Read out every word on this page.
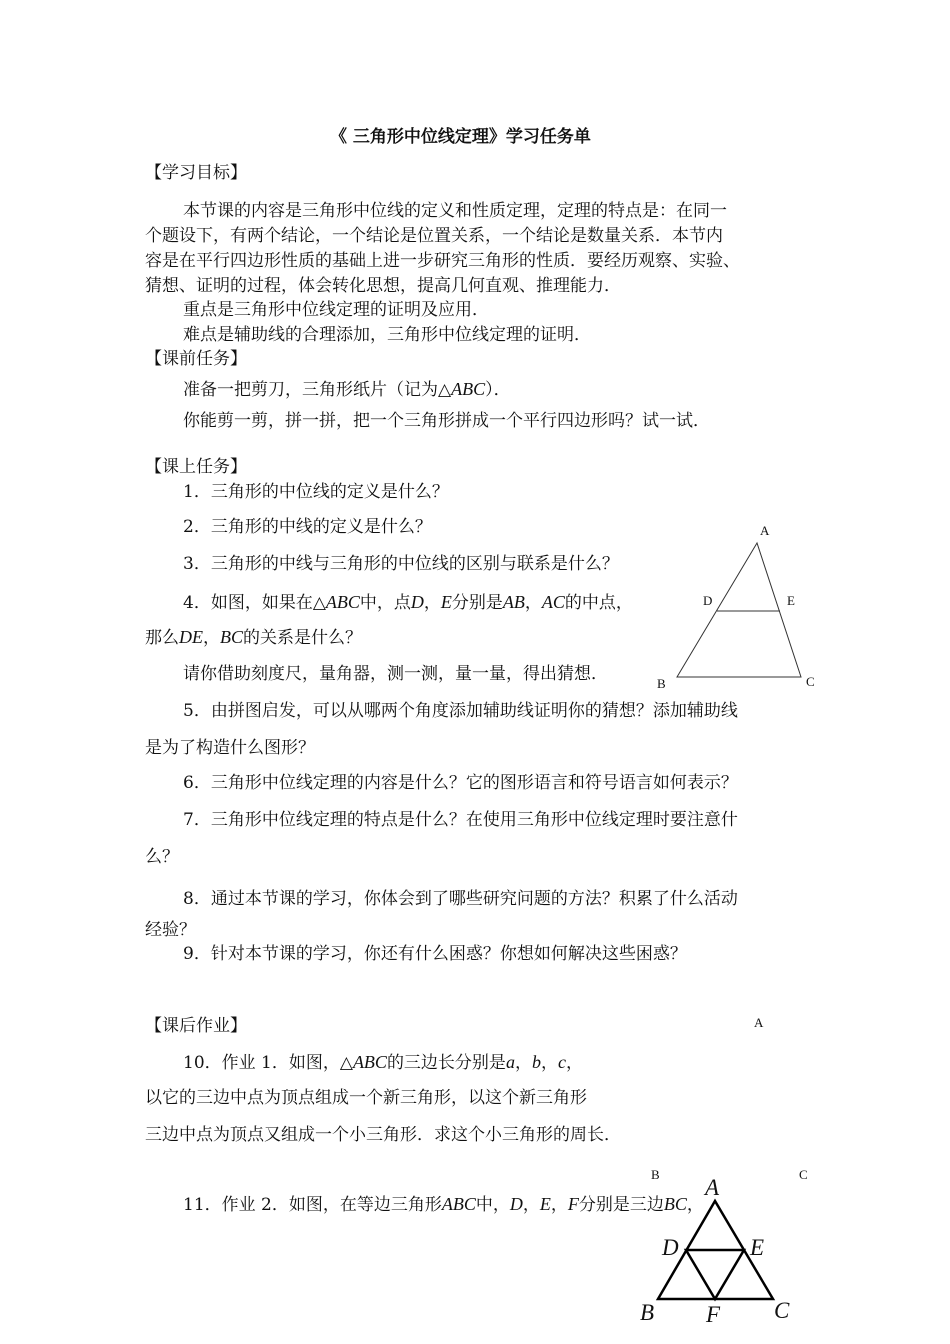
《 三角形中位线定理》学习任务单
【学习目标】
本节课的内容是三角形中位线的定义和性质定理，定理的特点是：在同一
个题设下，有两个结论，一个结论是位置关系，一个结论是数量关系．本节内
容是在平行四边形性质的基础上进一步研究三角形的性质．要经历观察、实验、
猜想、证明的过程，体会转化思想，提高几何直观、推理能力．
重点是三角形中位线定理的证明及应用．
难点是辅助线的合理添加，三角形中位线定理的证明．
【课前任务】
准备一把剪刀，三角形纸片（记为△ABC）．
你能剪一剪，拼一拼，把一个三角形拼成一个平行四边形吗？试一试．
【课上任务】
1．三角形的中位线的定义是什么？
2．三角形的中线的定义是什么？
3．三角形的中线与三角形的中位线的区别与联系是什么？
4．如图，如果在△ABC中，点D，E分别是AB，AC的中点，
那么DE，BC的关系是什么？
请你借助刻度尺，量角器，测一测，量一量，得出猜想．
5．由拼图启发，可以从哪两个角度添加辅助线证明你的猜想？添加辅助线
是为了构造什么图形？
6．三角形中位线定理的内容是什么？它的图形语言和符号语言如何表示？
7．三角形中位线定理的特点是什么？在使用三角形中位线定理时要注意什
么？
8．通过本节课的学习，你体会到了哪些研究问题的方法？积累了什么活动
经验？
9．针对本节课的学习，你还有什么困惑？你想如何解决这些困惑？
【课后作业】
10．作业 1．如图，△ABC的三边长分别是a，b，c，
以它的三边中点为顶点组成一个新三角形，以这个新三角形
三边中点为顶点又组成一个小三角形．求这个小三角形的周长．
11．作业 2．如图，在等边三角形ABC中，D，E，F分别是三边BC，
A
D	E
B	C
A
B	C
A
D	E
B F C
